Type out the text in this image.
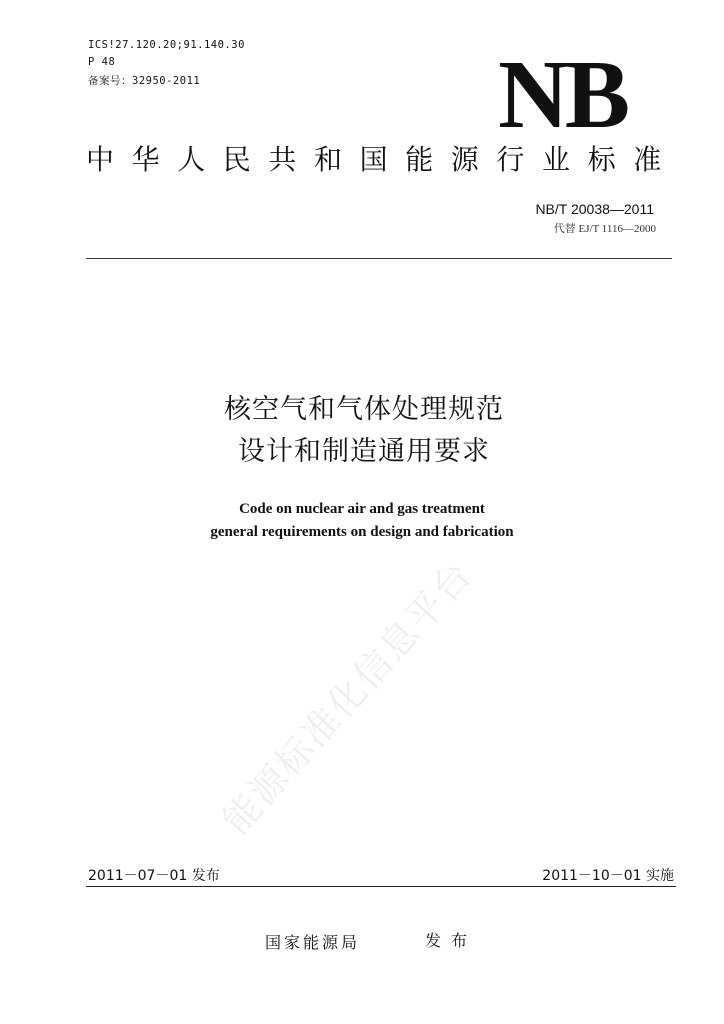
ICS!27.120.20;91.140.30
P 48
备案号：32950-2011	NB
中华人民共和国能源行业标准
NB/T 20038—2011
代替 EJ/T 1116—2000
核空气和气体处理规范
设计和制造通用要求
Code on nuclear air and gas treatment
general requirements on design and fabrication
能源标准化信息平台
2011－07－01 发布	2011－10－01 实施
国家能源局	发布
